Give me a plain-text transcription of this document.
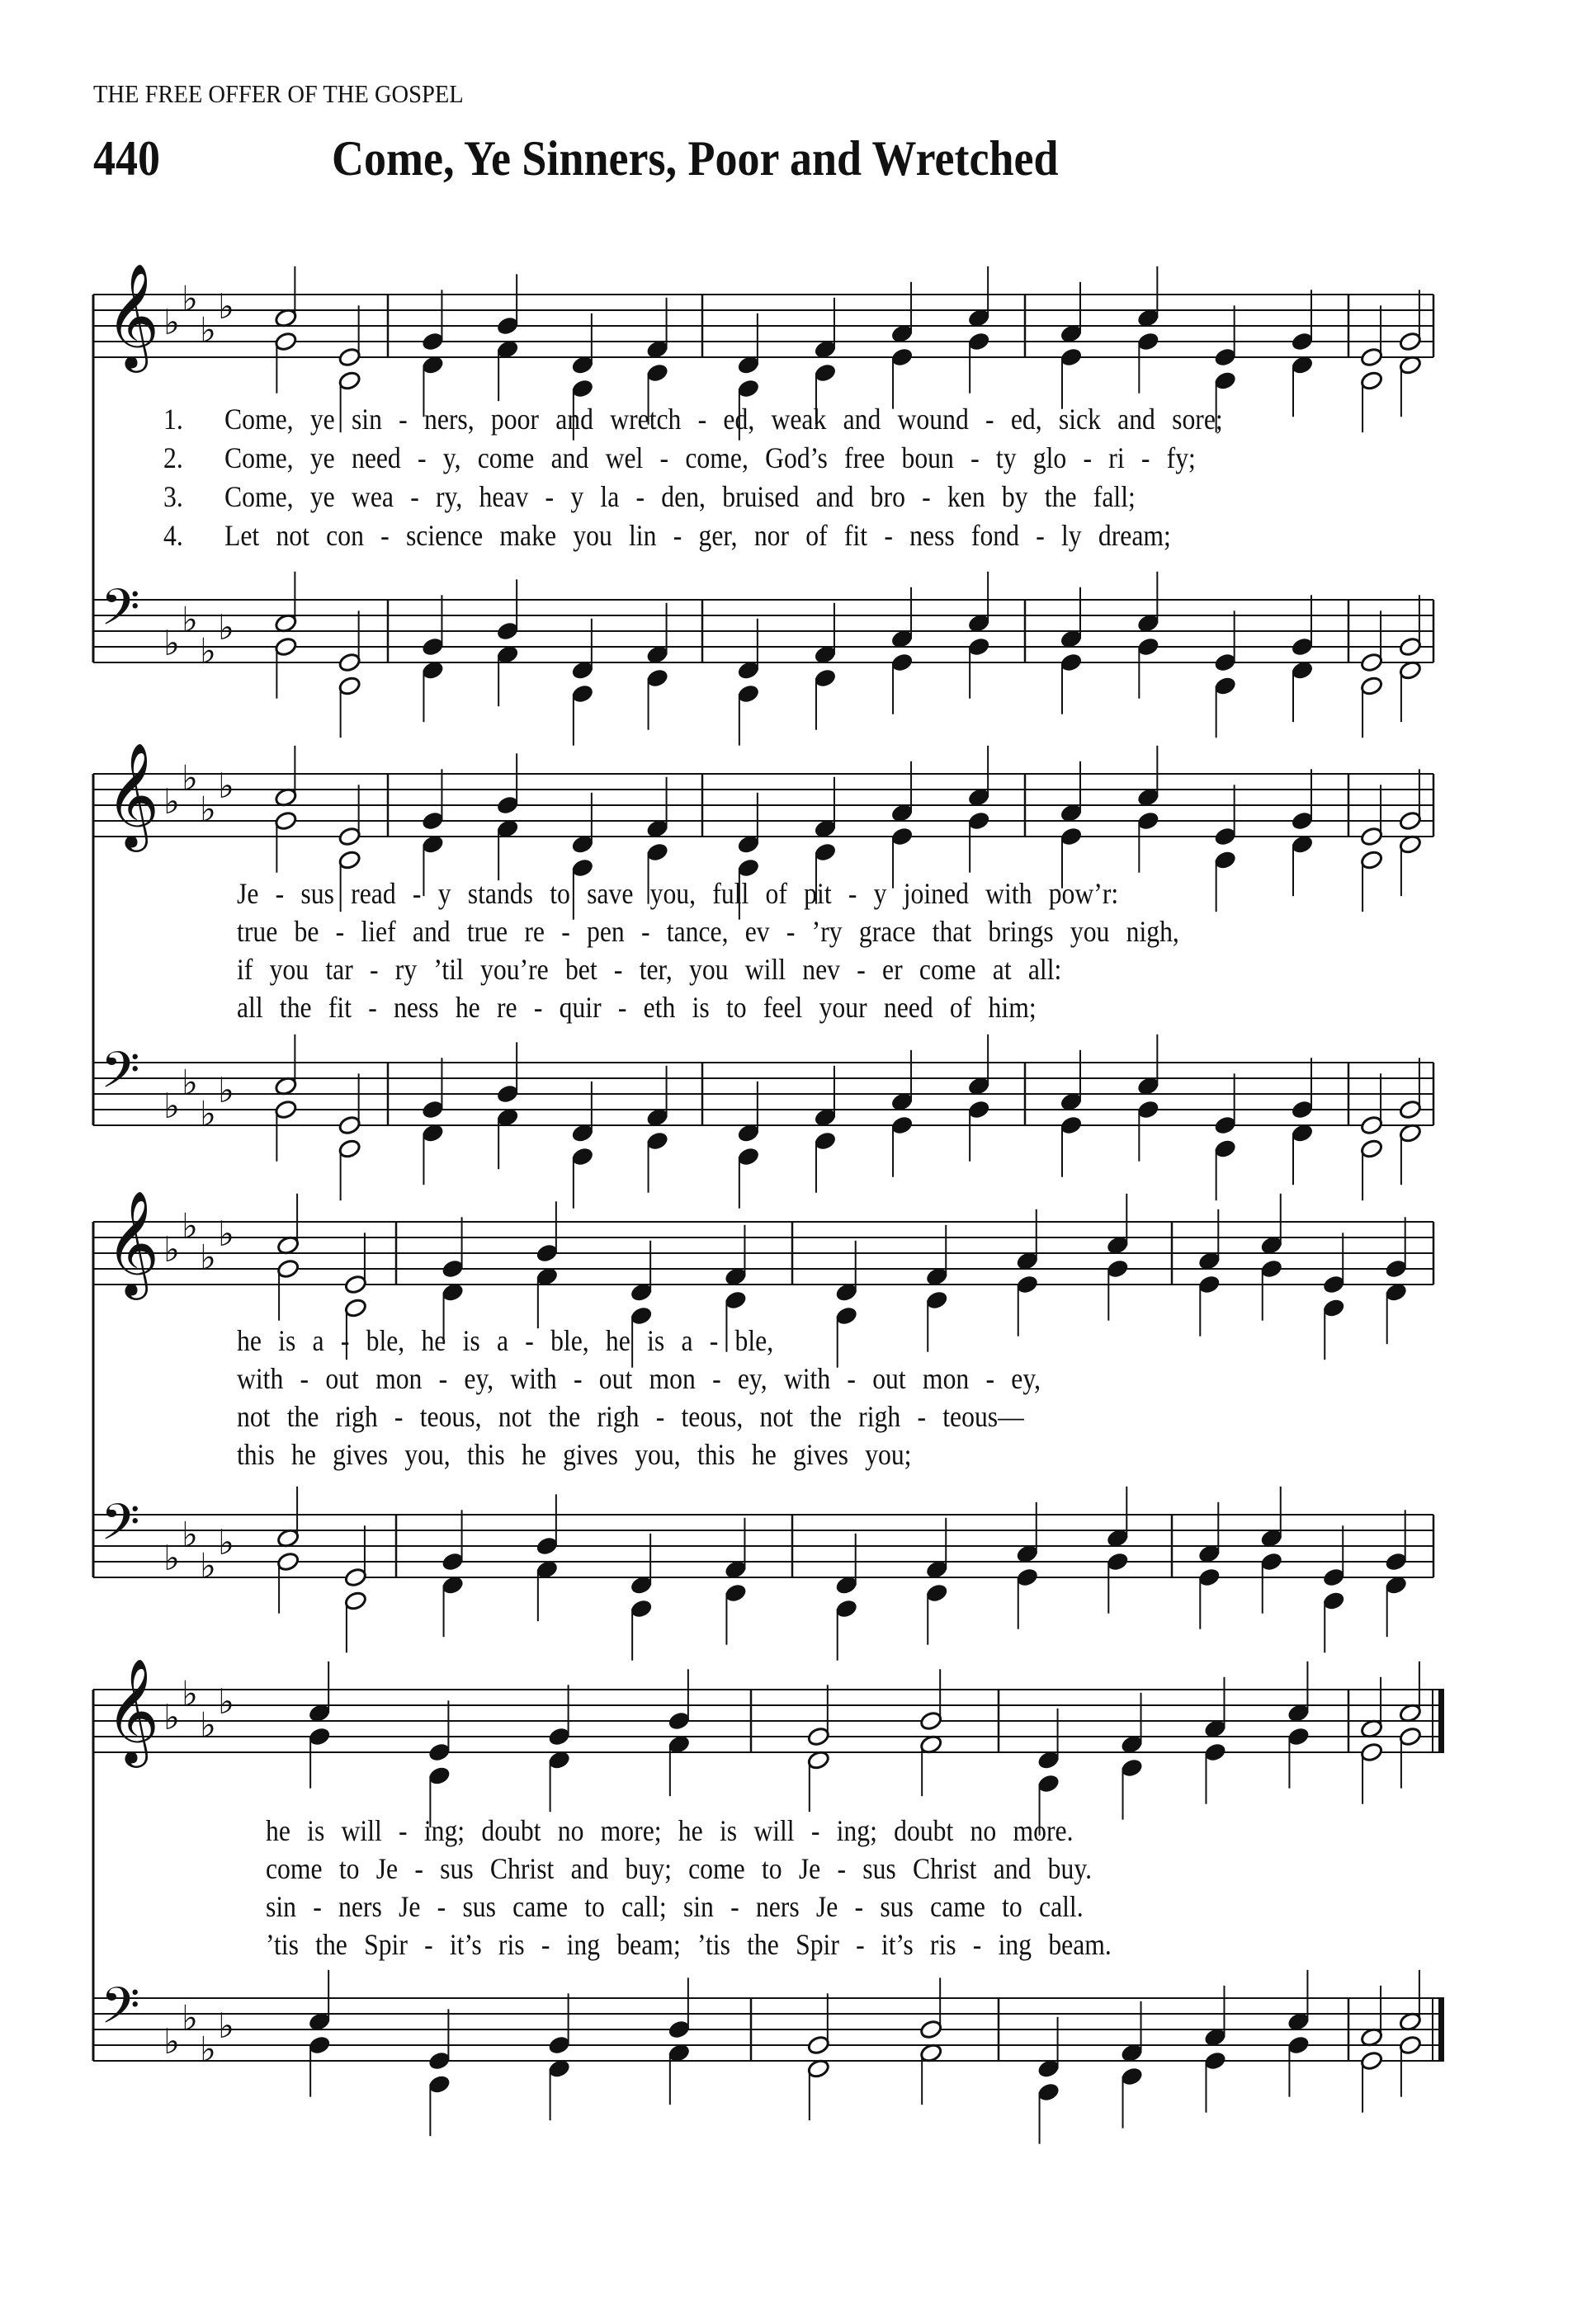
THE FREE OFFER OF THE GOSPEL
440	Come, Ye Sinners, Poor and Wretched
𝄞 ♭
♭
♭
♭
𝄢 ♭
♭
♭
♭
1. Come, ye sin - ners, poor and wretch - ed, weak and wound - ed, sick and sore;
2. Come, ye need - y, come and wel - come, God’s free boun - ty glo - ri - fy;
3. Come, ye wea - ry, heav - y la - den, bruised and bro - ken by the fall;
4. Let not con - science make you lin - ger, nor of fit - ness fond - ly dream;
𝄞 ♭
♭
♭
♭
𝄢 ♭
♭
♭
♭
Je - sus read - y stands to save you, full of pit - y joined with pow’r:
true be - lief and true re - pen - tance, ev - ’ry grace that brings you nigh,
if you tar - ry ’til you’re bet - ter, you will nev - er come at all:
all the fit - ness he re - quir - eth is to feel your need of him;
𝄞 ♭
♭
♭
♭
𝄢 ♭
♭
♭
♭
he is a - ble, he is a - ble, he is a - ble,
with - out mon - ey, with - out mon - ey, with - out mon - ey,
not the righ - teous, not the righ - teous, not the righ - teous—
this he gives you, this he gives you, this he gives you;
𝄞 ♭
♭
♭
♭
𝄢 ♭
♭
♭
♭
he is will - ing; doubt no more; he is will - ing; doubt no more.
come to Je - sus Christ and buy; come to Je - sus Christ and buy.
sin - ners Je - sus came to call; sin - ners Je - sus came to call.
’tis the Spir - it’s ris - ing beam; ’tis the Spir - it’s ris - ing beam.
